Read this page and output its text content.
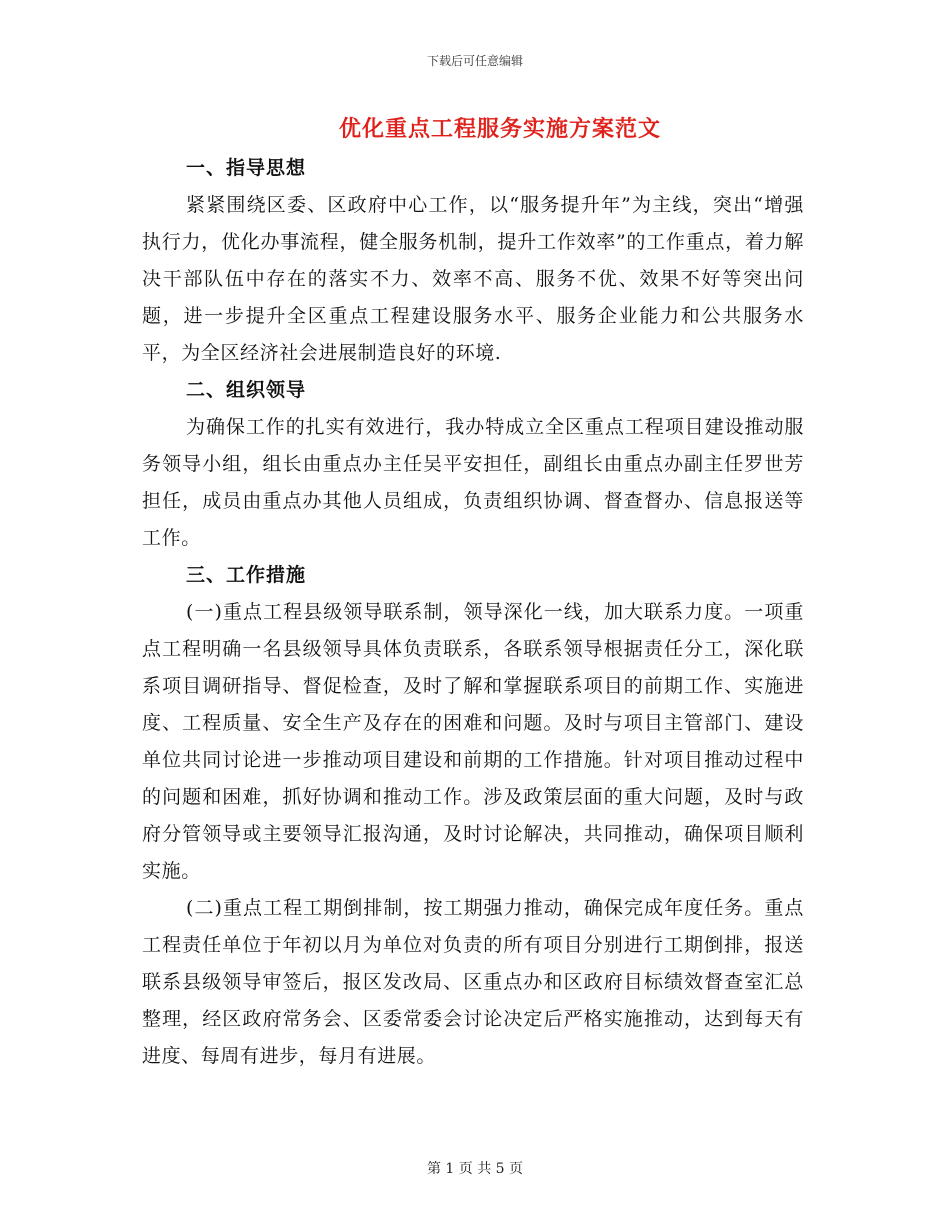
下载后可任意编辑
优化重点工程服务实施方案范文
一、指导思想

紧紧围绕区委、区政府中心工作，以“服务提升年”为主线，突出“增强执行力，优化办事流程，健全服务机制，提升工作效率”的工作重点，着力解决干部队伍中存在的落实不力、效率不高、服务不优、效果不好等突出问题，进一步提升全区重点工程建设服务水平、服务企业能力和公共服务水平，为全区经济社会进展制造良好的环境.

二、组织领导

为确保工作的扎实有效进行，我办特成立全区重点工程项目建设推动服务领导小组，组长由重点办主任吴平安担任，副组长由重点办副主任罗世芳担任，成员由重点办其他人员组成，负责组织协调、督查督办、信息报送等工作。

三、工作措施

(一)重点工程县级领导联系制，领导深化一线，加大联系力度。一项重点工程明确一名县级领导具体负责联系，各联系领导根据责任分工，深化联系项目调研指导、督促检查，及时了解和掌握联系项目的前期工作、实施进度、工程质量、安全生产及存在的困难和问题。及时与项目主管部门、建设单位共同讨论进一步推动项目建设和前期的工作措施。针对项目推动过程中的问题和困难，抓好协调和推动工作。涉及政策层面的重大问题，及时与政府分管领导或主要领导汇报沟通，及时讨论解决，共同推动，确保项目顺利实施。

(二)重点工程工期倒排制，按工期强力推动，确保完成年度任务。重点工程责任单位于年初以月为单位对负责的所有项目分别进行工期倒排，报送联系县级领导审签后，报区发改局、区重点办和区政府目标绩效督查室汇总整理，经区政府常务会、区委常委会讨论决定后严格实施推动，达到每天有进度、每周有进步，每月有进展。

第 1 页 共 5 页
